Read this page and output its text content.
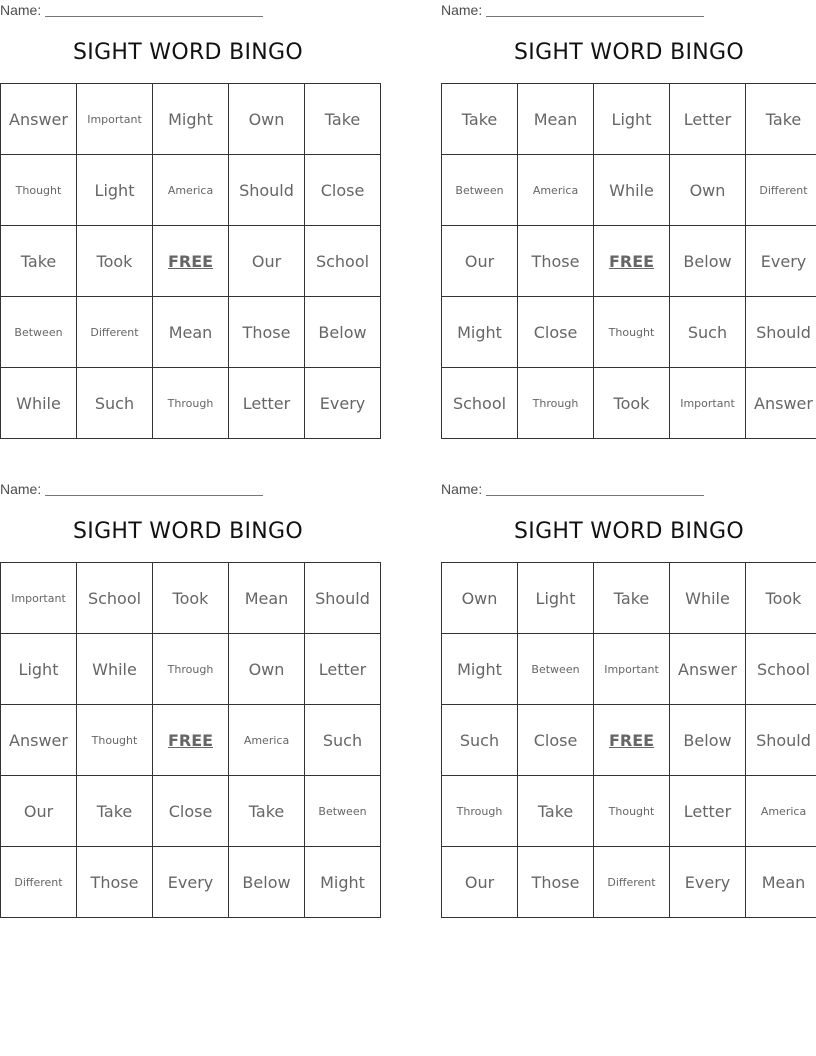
Name:
SIGHT WORD BINGO
Answer	Important	Might	Own	Take
Thought	Light	America	Should	Close
Take	Took	FREE	Our	School
Between	Different	Mean	Those	Below
While	Such	Through	Letter	Every
Name:
SIGHT WORD BINGO
Take	Mean	Light	Letter	Take
Between	America	While	Own	Different
Our	Those	FREE	Below	Every
Might	Close	Thought	Such	Should
School	Through	Took	Important	Answer
Name:
SIGHT WORD BINGO
Important	School	Took	Mean	Should
Light	While	Through	Own	Letter
Answer	Thought	FREE	America	Such
Our	Take	Close	Take	Between
Different	Those	Every	Below	Might
Name:
SIGHT WORD BINGO
Own	Light	Take	While	Took
Might	Between	Important	Answer	School
Such	Close	FREE	Below	Should
Through	Take	Thought	Letter	America
Our	Those	Different	Every	Mean
